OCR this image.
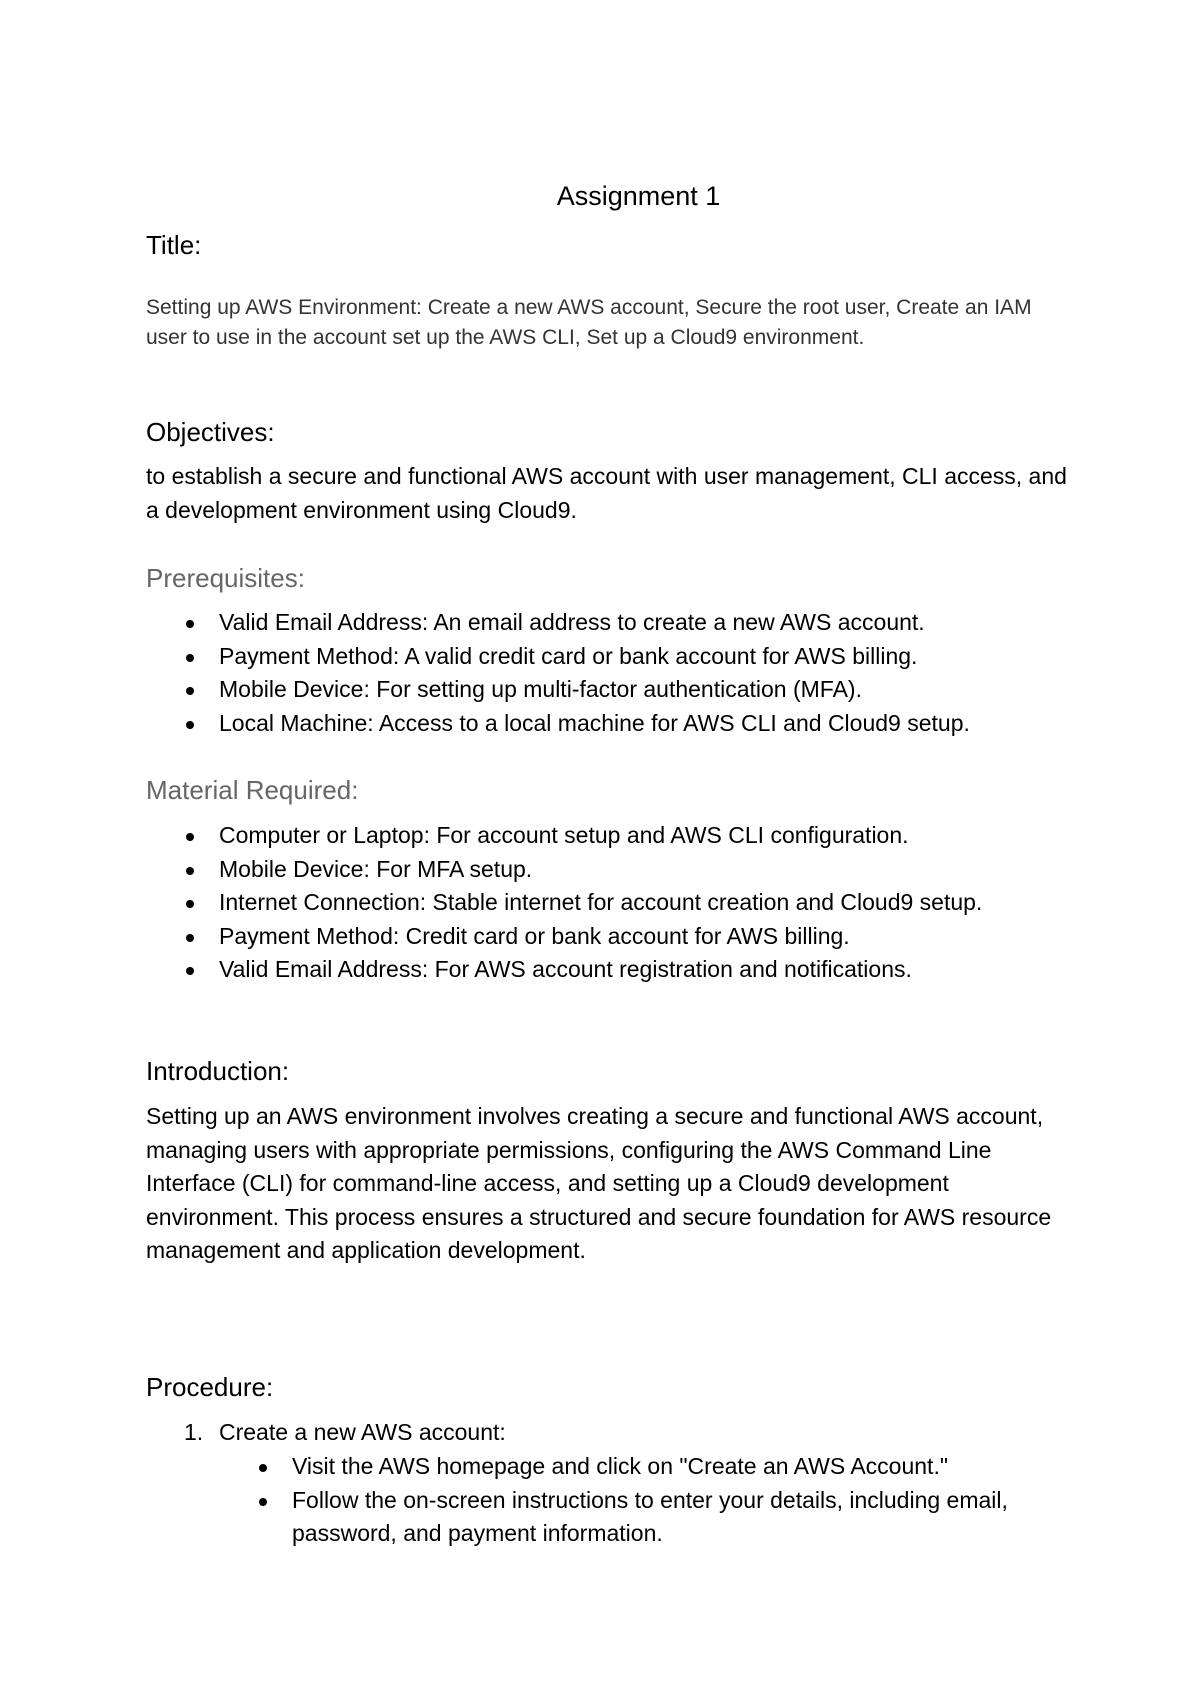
Assignment 1
Title:
Setting up AWS Environment: Create a new AWS account, Secure the root user, Create an IAM user to use in the account set up the AWS CLI, Set up a Cloud9 environment.
Objectives:
to establish a secure and functional AWS account with user management, CLI access, and a development environment using Cloud9.
Prerequisites:
Valid Email Address: An email address to create a new AWS account.
Payment Method: A valid credit card or bank account for AWS billing.
Mobile Device: For setting up multi-factor authentication (MFA).
Local Machine: Access to a local machine for AWS CLI and Cloud9 setup.
Material Required:
Computer or Laptop: For account setup and AWS CLI configuration.
Mobile Device: For MFA setup.
Internet Connection: Stable internet for account creation and Cloud9 setup.
Payment Method: Credit card or bank account for AWS billing.
Valid Email Address: For AWS account registration and notifications.
Introduction:
Setting up an AWS environment involves creating a secure and functional AWS account, managing users with appropriate permissions, configuring the AWS Command Line Interface (CLI) for command-line access, and setting up a Cloud9 development environment. This process ensures a structured and secure foundation for AWS resource management and application development.
Procedure:
1. Create a new AWS account:
Visit the AWS homepage and click on "Create an AWS Account."
Follow the on-screen instructions to enter your details, including email, password, and payment information.
